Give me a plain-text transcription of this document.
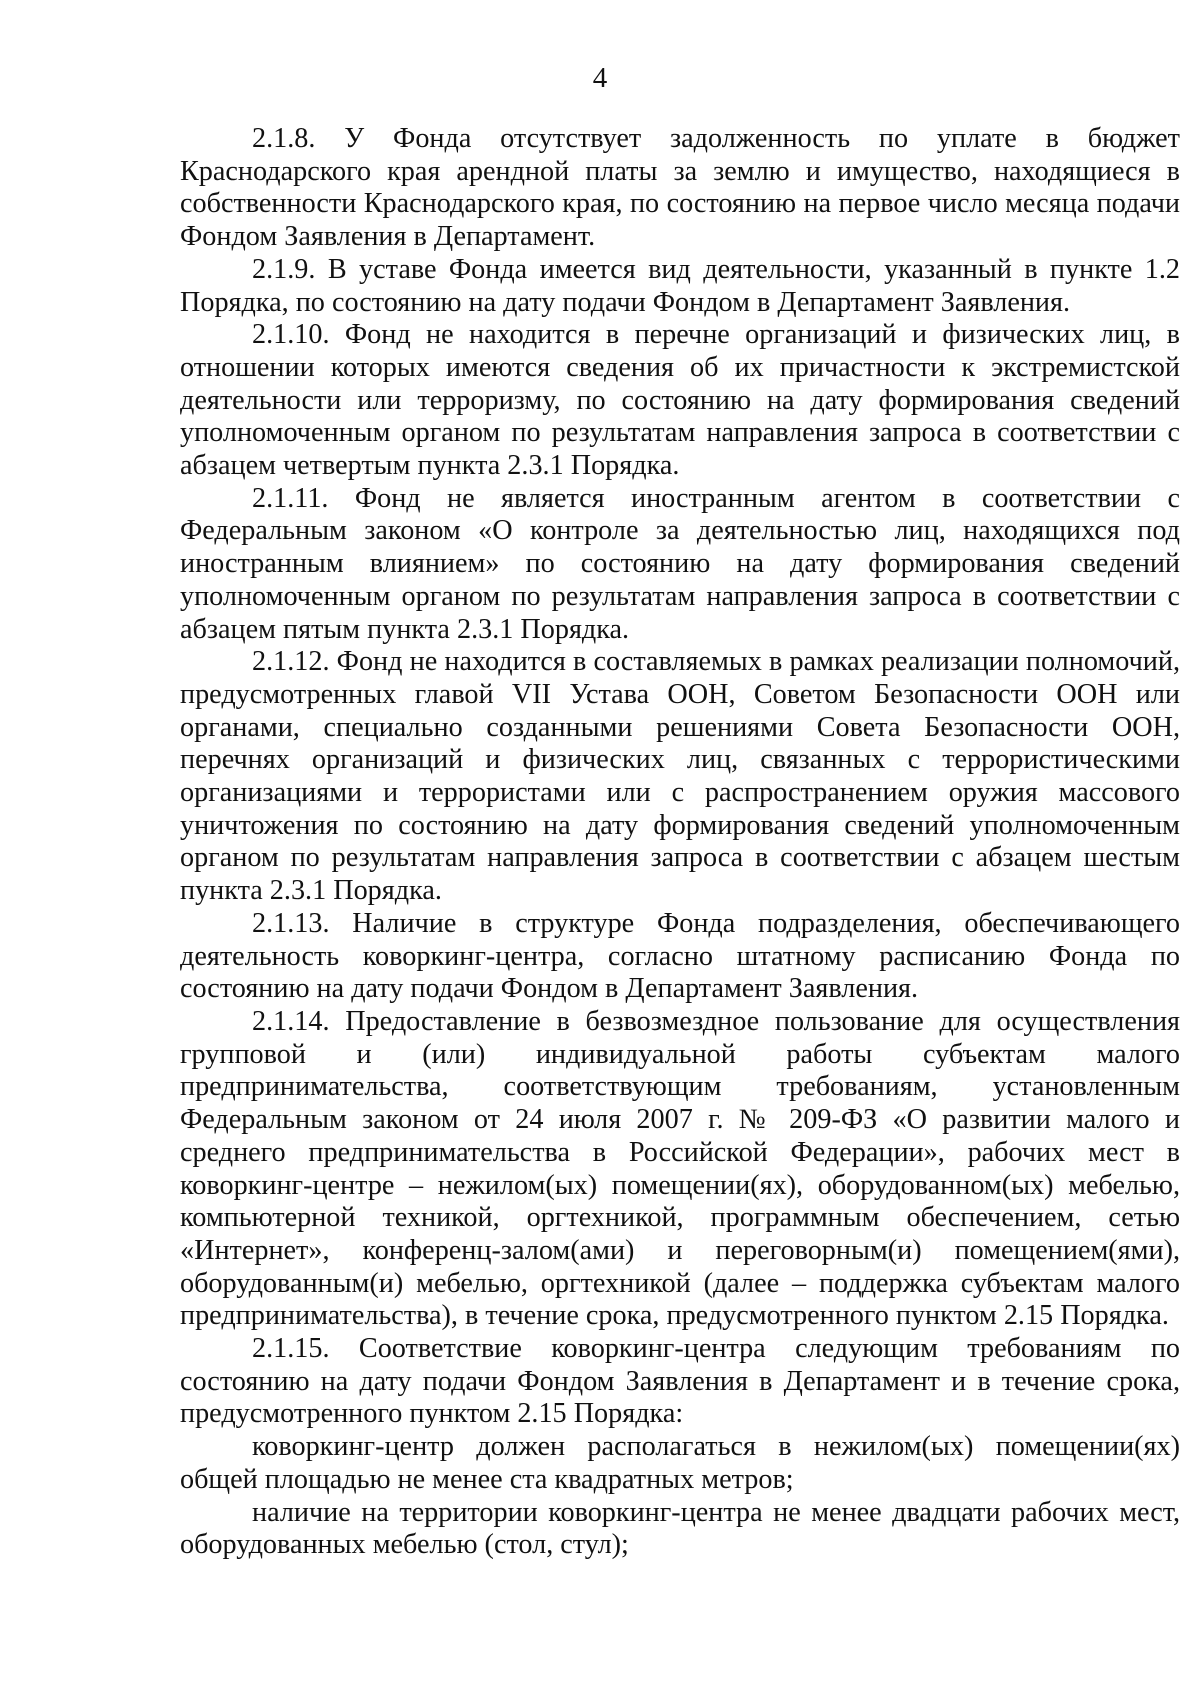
4

2.1.8. У Фонда отсутствует задолженность по уплате в бюджет Краснодарского края арендной платы за землю и имущество, находящиеся в собственности Краснодарского края, по состоянию на первое число месяца подачи Фондом Заявления в Департамент.

2.1.9. В уставе Фонда имеется вид деятельности, указанный в пункте 1.2 Порядка, по состоянию на дату подачи Фондом в Департамент Заявления.

2.1.10. Фонд не находится в перечне организаций и физических лиц, в отношении которых имеются сведения об их причастности к экстремистской деятельности или терроризму, по состоянию на дату формирования сведений уполномоченным органом по результатам направления запроса в соответствии с абзацем четвертым пункта 2.3.1 Порядка.

2.1.11. Фонд не является иностранным агентом в соответствии с Федеральным законом «О контроле за деятельностью лиц, находящихся под иностранным влиянием» по состоянию на дату формирования сведений уполномоченным органом по результатам направления запроса в соответствии с абзацем пятым пункта 2.3.1 Порядка.

2.1.12. Фонд не находится в составляемых в рамках реализации полномочий, предусмотренных главой VII Устава ООН, Советом Безопасности ООН или органами, специально созданными решениями Совета Безопасности ООН, перечнях организаций и физических лиц, связанных с террористическими организациями и террористами или с распространением оружия массового уничтожения по состоянию на дату формирования сведений уполномоченным органом по результатам направления запроса в соответствии с абзацем шестым пункта 2.3.1 Порядка.

2.1.13. Наличие в структуре Фонда подразделения, обеспечивающего деятельность коворкинг-центра, согласно штатному расписанию Фонда по состоянию на дату подачи Фондом в Департамент Заявления.

2.1.14. Предоставление в безвозмездное пользование для осуществления групповой и (или) индивидуальной работы субъектам малого предпринимательства, соответствующим требованиям, установленным Федеральным законом от 24 июля 2007 г. № 209-ФЗ «О развитии малого и среднего предпринимательства в Российской Федерации», рабочих мест в коворкинг-центре – нежилом(ых) помещении(ях), оборудованном(ых) мебелью, компьютерной техникой, оргтехникой, программным обеспечением, сетью «Интернет», конференц-залом(ами) и переговорным(и) помещением(ями), оборудованным(и) мебелью, оргтехникой (далее – поддержка субъектам малого предпринимательства), в течение срока, предусмотренного пунктом 2.15 Порядка.

2.1.15. Соответствие коворкинг-центра следующим требованиям по состоянию на дату подачи Фондом Заявления в Департамент и в течение срока, предусмотренного пунктом 2.15 Порядка:

коворкинг-центр должен располагаться в нежилом(ых) помещении(ях) общей площадью не менее ста квадратных метров;

наличие на территории коворкинг-центра не менее двадцати рабочих мест, оборудованных мебелью (стол, стул);
